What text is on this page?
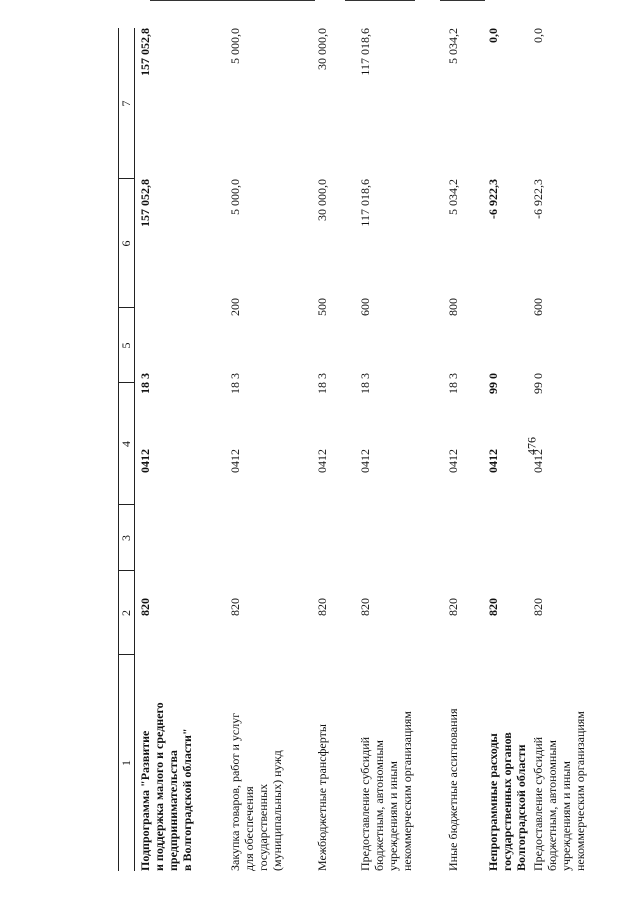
476
1
2
3
4
5
6
7
Подпрограмма "Развитие
и поддержка малого и среднего
предпринимательства
в Волгоградской области"
820
0412
18 3
157 052,8
157 052,8
Закупка товаров, работ и услуг
для обеспечения
государственных
(муниципальных) нужд
820
0412
18 3
200
5 000,0
5 000,0
Межбюджетные трансферты
820
0412
18 3
500
30 000,0
30 000,0
Предоставление субсидий
бюджетным, автономным
учреждениям и иным
некоммерческим организациям
820
0412
18 3
600
117 018,6
117 018,6
Иные бюджетные ассигнования
820
0412
18 3
800
5 034,2
5 034,2
Непрограммные расходы
государственных органов
Волгоградской области
820
0412
99 0
-6 922,3
0,0
Предоставление субсидий
бюджетным, автономным
учреждениям и иным
некоммерческим организациям
820
0412
99 0
600
-6 922,3
0,0
